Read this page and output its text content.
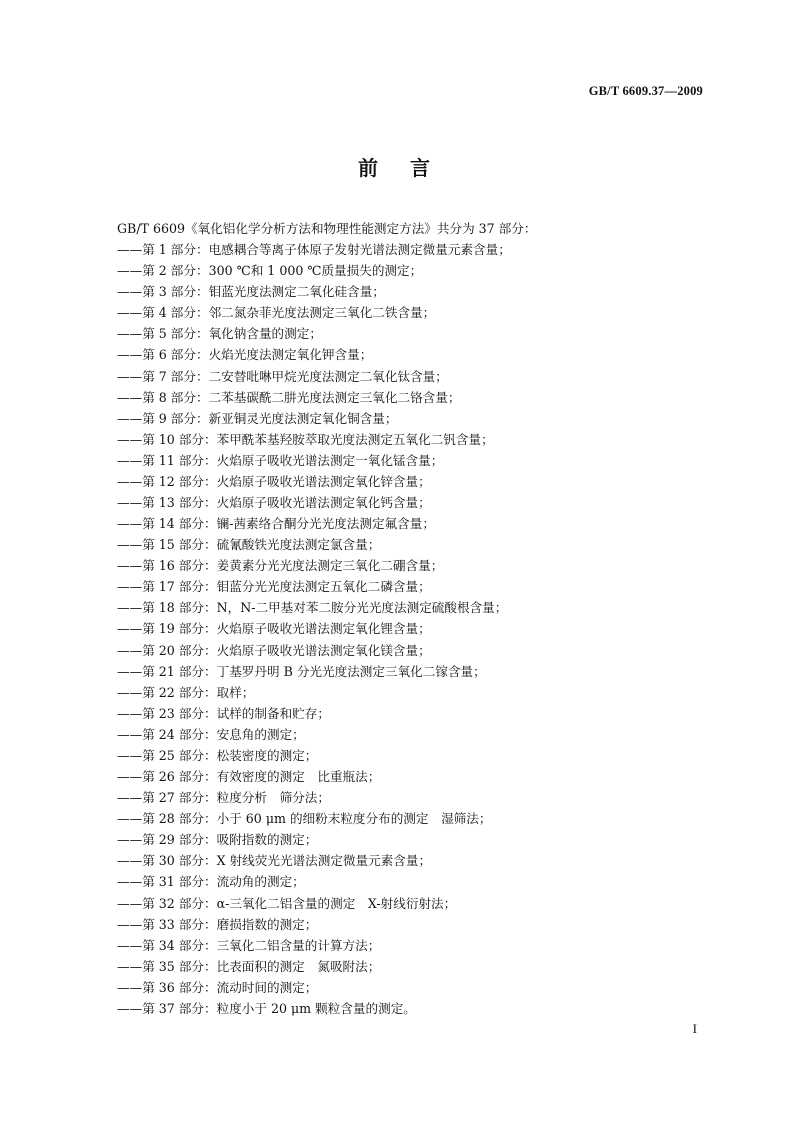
GB/T 6609.37—2009
前　言
GB/T 6609《氧化铝化学分析方法和物理性能测定方法》共分为 37 部分：
——第 1 部分：电感耦合等离子体原子发射光谱法测定微量元素含量；
——第 2 部分：300 ℃和 1 000 ℃质量损失的测定；
——第 3 部分：钼蓝光度法测定二氧化硅含量；
——第 4 部分：邻二氮杂菲光度法测定三氧化二铁含量；
——第 5 部分：氧化钠含量的测定；
——第 6 部分：火焰光度法测定氧化钾含量；
——第 7 部分：二安替吡啉甲烷光度法测定二氧化钛含量；
——第 8 部分：二苯基碳酰二肼光度法测定三氧化二铬含量；
——第 9 部分：新亚铜灵光度法测定氧化铜含量；
——第 10 部分：苯甲酰苯基羟胺萃取光度法测定五氧化二钒含量；
——第 11 部分：火焰原子吸收光谱法测定一氧化锰含量；
——第 12 部分：火焰原子吸收光谱法测定氧化锌含量；
——第 13 部分：火焰原子吸收光谱法测定氧化钙含量；
——第 14 部分：镧-茜素络合酮分光光度法测定氟含量；
——第 15 部分：硫氰酸铁光度法测定氯含量；
——第 16 部分：姜黄素分光光度法测定三氧化二硼含量；
——第 17 部分：钼蓝分光光度法测定五氧化二磷含量；
——第 18 部分：N，N-二甲基对苯二胺分光光度法测定硫酸根含量；
——第 19 部分：火焰原子吸收光谱法测定氧化锂含量；
——第 20 部分：火焰原子吸收光谱法测定氧化镁含量；
——第 21 部分：丁基罗丹明 B 分光光度法测定三氧化二镓含量；
——第 22 部分：取样；
——第 23 部分：试样的制备和贮存；
——第 24 部分：安息角的测定；
——第 25 部分：松装密度的测定；
——第 26 部分：有效密度的测定　比重瓶法；
——第 27 部分：粒度分析　筛分法；
——第 28 部分：小于 60 μm 的细粉末粒度分布的测定　湿筛法；
——第 29 部分：吸附指数的测定；
——第 30 部分：X 射线荧光光谱法测定微量元素含量；
——第 31 部分：流动角的测定；
——第 32 部分：α-三氧化二铝含量的测定　X-射线衍射法；
——第 33 部分：磨损指数的测定；
——第 34 部分：三氧化二铝含量的计算方法；
——第 35 部分：比表面积的测定　氮吸附法；
——第 36 部分：流动时间的测定；
——第 37 部分：粒度小于 20 μm 颗粒含量的测定。
I
